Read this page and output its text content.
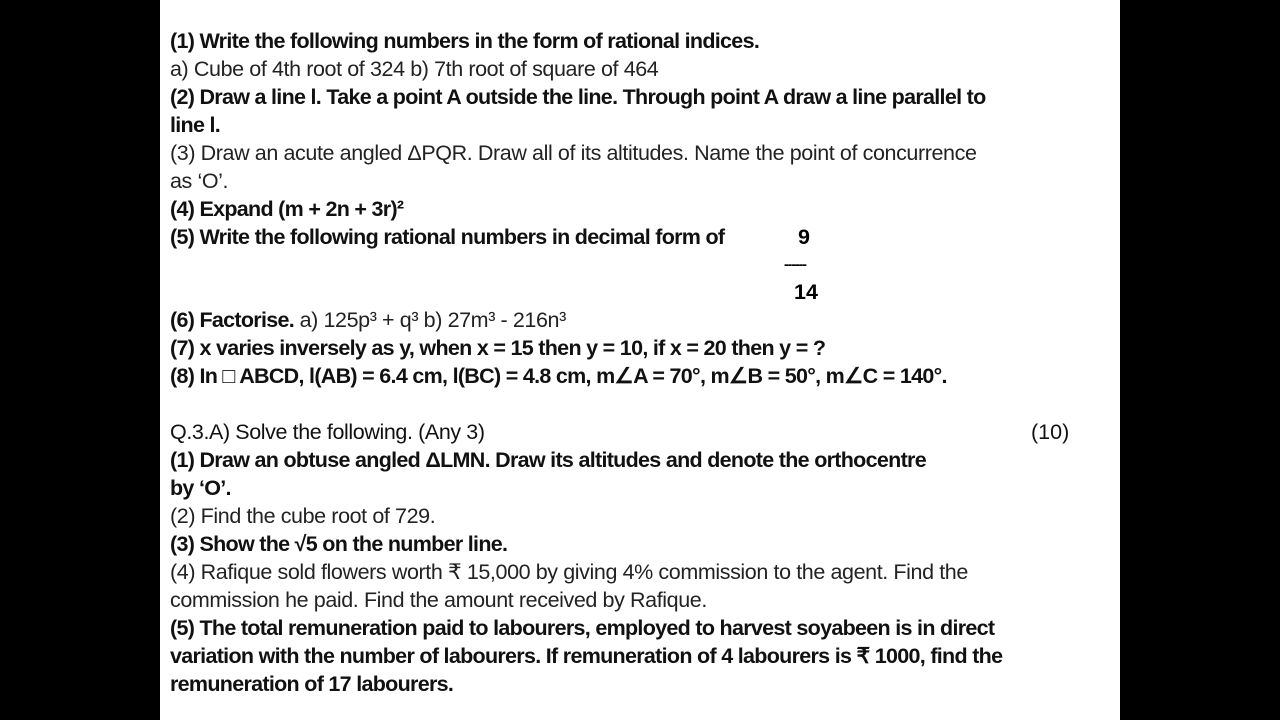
(1) Write the following numbers in the form of rational indices.
a) Cube of 4th root of 324 b) 7th root of square of 464
(2) Draw a line l. Take a point A outside the line. Through point A draw a line parallel to
line l.
(3) Draw an acute angled ΔPQR. Draw all of its altitudes. Name the point of concurrence
as ‘O’.
(4) Expand (m + 2n + 3r)²
(5) Write the following rational numbers in decimal form of	9
------
14
(6) Factorise. a) 125p³ + q³ b) 27m³ - 216n³
(7) x varies inversely as y, when x = 15 then y = 10, if x = 20 then y = ?
(8) In □ ABCD, l(AB) = 6.4 cm, l(BC) = 4.8 cm, m∠A = 70°, m∠B = 50°, m∠C = 140°.
Q.3.A) Solve the following. (Any 3)	(10)
(1) Draw an obtuse angled ΔLMN. Draw its altitudes and denote the orthocentre
by ‘O’.
(2) Find the cube root of 729.
(3) Show the √5 on the number line.
(4) Rafique sold flowers worth ₹ 15,000 by giving 4% commission to the agent. Find the
commission he paid. Find the amount received by Rafique.
(5) The total remuneration paid to labourers, employed to harvest soyabeen is in direct
variation with the number of labourers. If remuneration of 4 labourers is ₹ 1000, find the
remuneration of 17 labourers.
